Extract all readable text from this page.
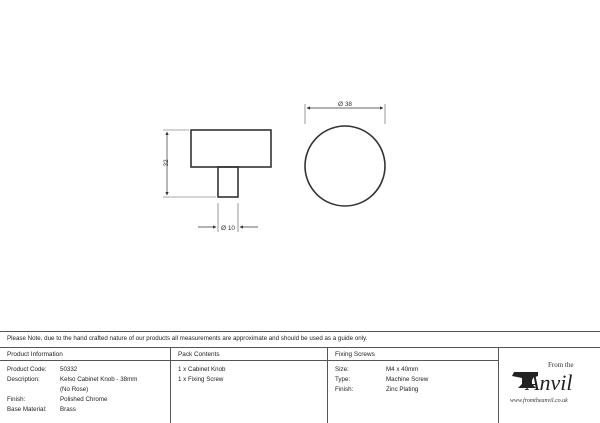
32
Ø 10
Ø 38
Please Note, due to the hand crafted nature of our products all measurements are approximate and should be used as a guide only.
Product Information
Product Code: 50332
Description:	Kelso Cabinet Knob - 38mm
(No Rose)
Finish:	Polished Chrome
Base Material: Brass
Pack Contents
1 x Cabinet Knob
1 x Fixing Screw
Fixing Screws
Size:	M4 x 40mm
Type:	Machine Screw
Finish:	Zinc Plating
From the
Anvil
www.fromtheanvil.co.uk
